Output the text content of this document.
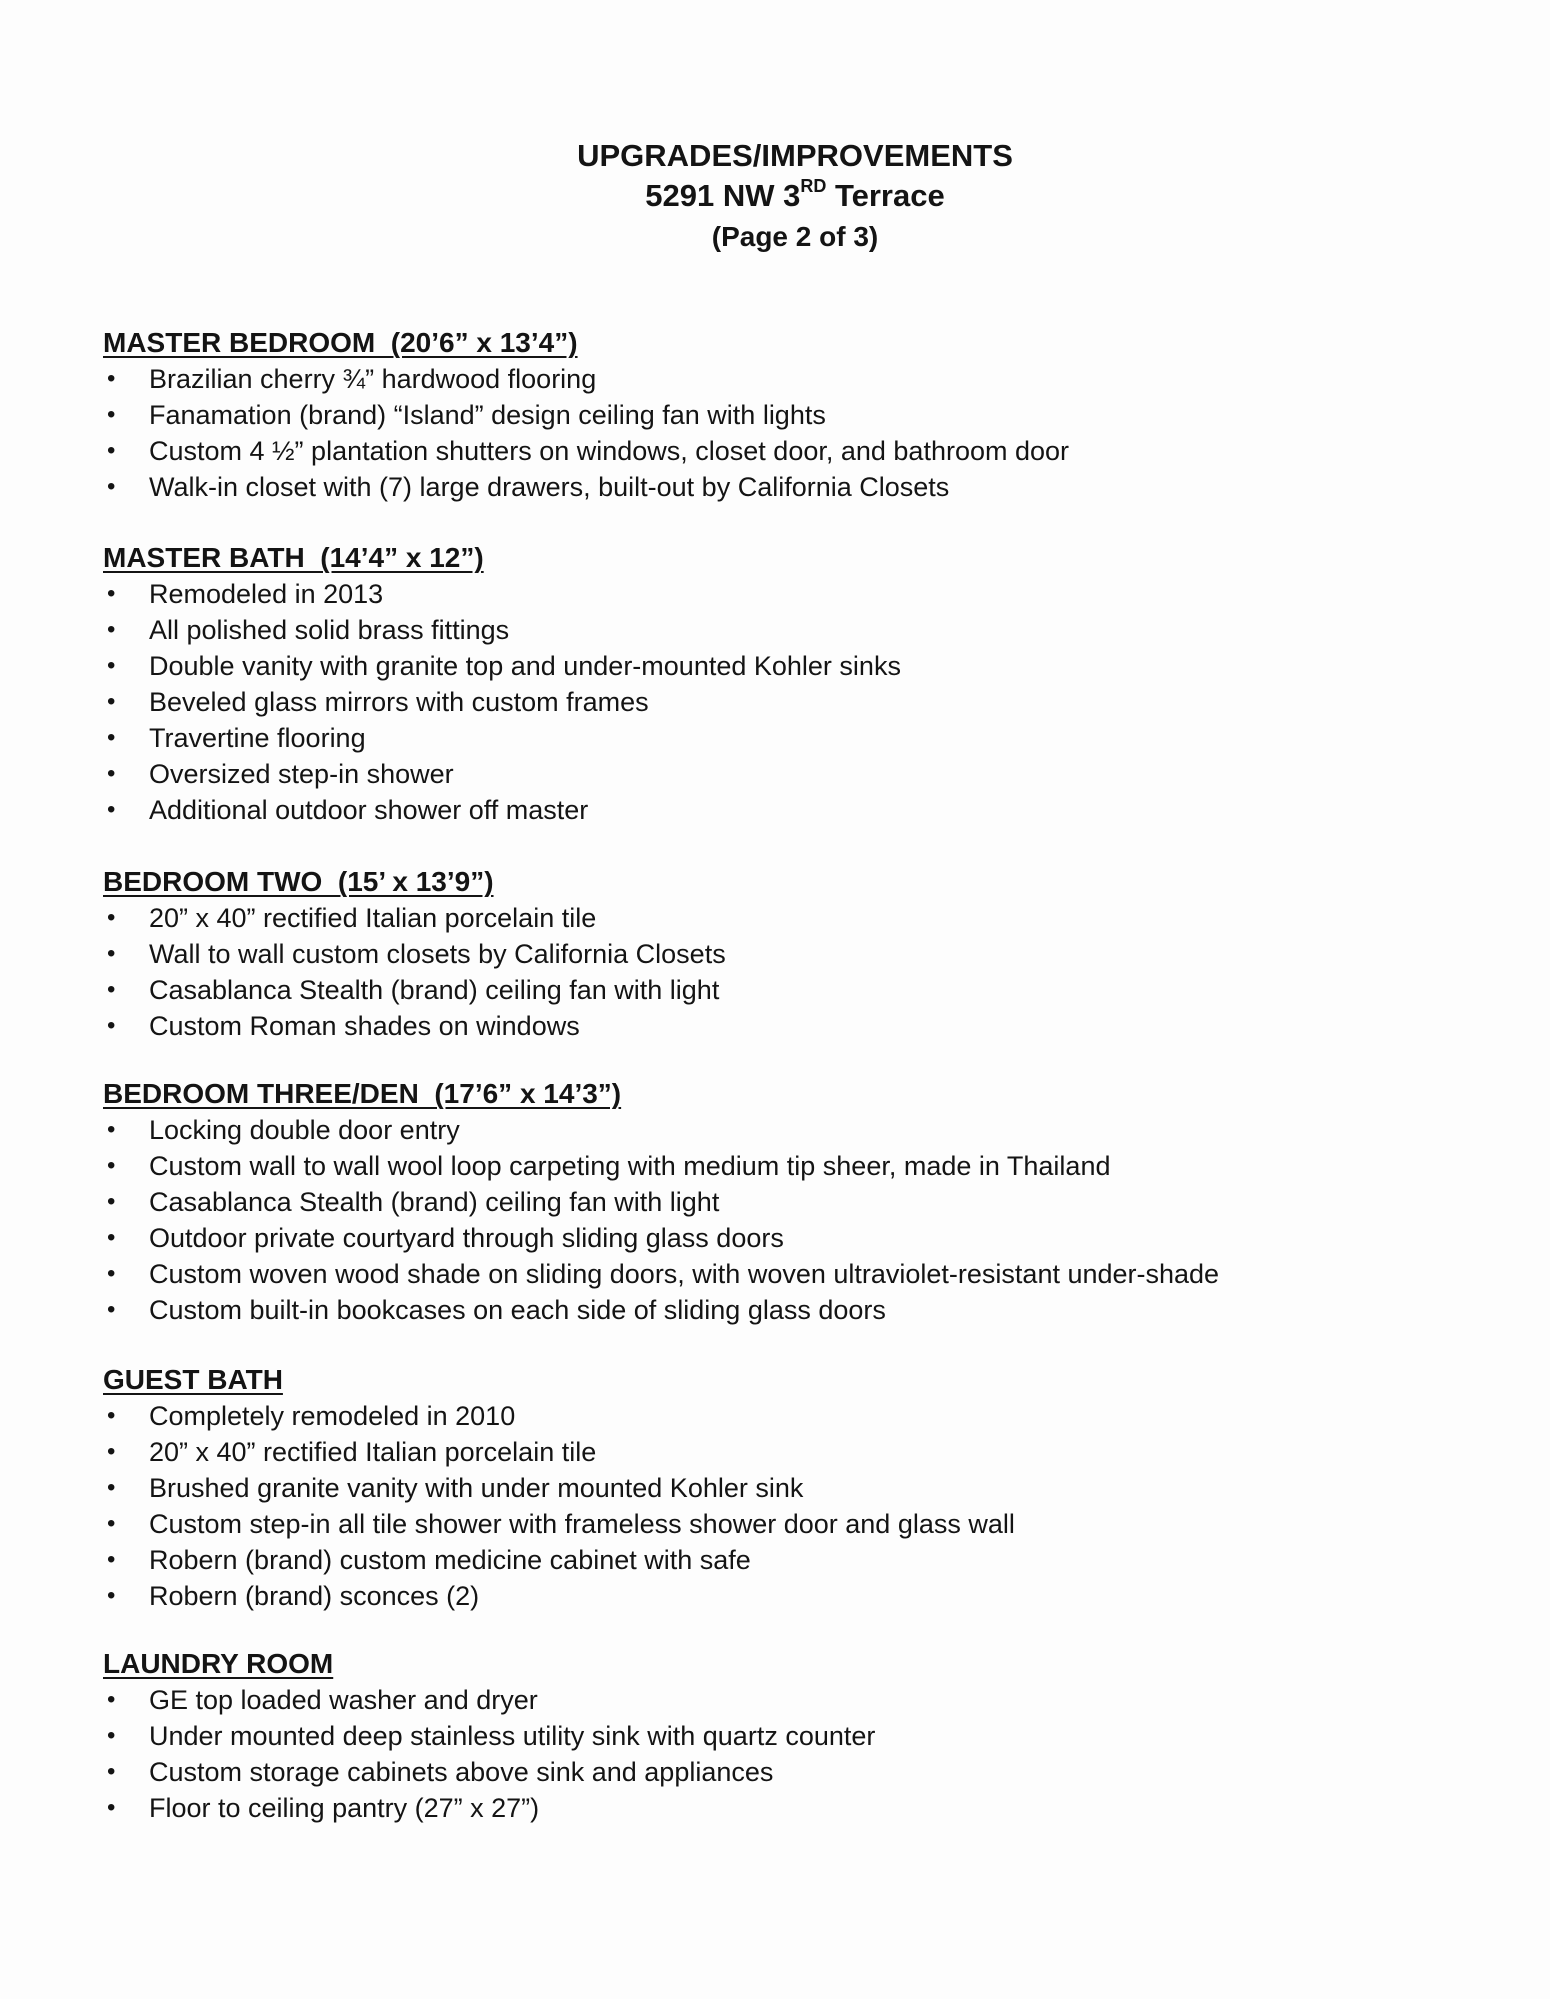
UPGRADES/IMPROVEMENTS
5291 NW 3RD Terrace
(Page 2 of 3)
MASTER BEDROOM  (20’6” x 13’4”)
• Brazilian cherry ¾” hardwood flooring
• Fanamation (brand) “Island” design ceiling fan with lights
• Custom 4 ½” plantation shutters on windows, closet door, and bathroom door
• Walk-in closet with (7) large drawers, built-out by California Closets
MASTER BATH  (14’4” x 12”)
• Remodeled in 2013
• All polished solid brass fittings
• Double vanity with granite top and under-mounted Kohler sinks
• Beveled glass mirrors with custom frames
• Travertine flooring
• Oversized step-in shower
• Additional outdoor shower off master
BEDROOM TWO  (15’ x 13’9”)
• 20” x 40” rectified Italian porcelain tile
• Wall to wall custom closets by California Closets
• Casablanca Stealth (brand) ceiling fan with light
• Custom Roman shades on windows
BEDROOM THREE/DEN  (17’6” x 14’3”)
• Locking double door entry
• Custom wall to wall wool loop carpeting with medium tip sheer, made in Thailand
• Casablanca Stealth (brand) ceiling fan with light
• Outdoor private courtyard through sliding glass doors
• Custom woven wood shade on sliding doors, with woven ultraviolet-resistant under-shade
• Custom built-in bookcases on each side of sliding glass doors
GUEST BATH
• Completely remodeled in 2010
• 20” x 40” rectified Italian porcelain tile
• Brushed granite vanity with under mounted Kohler sink
• Custom step-in all tile shower with frameless shower door and glass wall
• Robern (brand) custom medicine cabinet with safe
• Robern (brand) sconces (2)
LAUNDRY ROOM
• GE top loaded washer and dryer
• Under mounted deep stainless utility sink with quartz counter
• Custom storage cabinets above sink and appliances
• Floor to ceiling pantry (27” x 27”)
